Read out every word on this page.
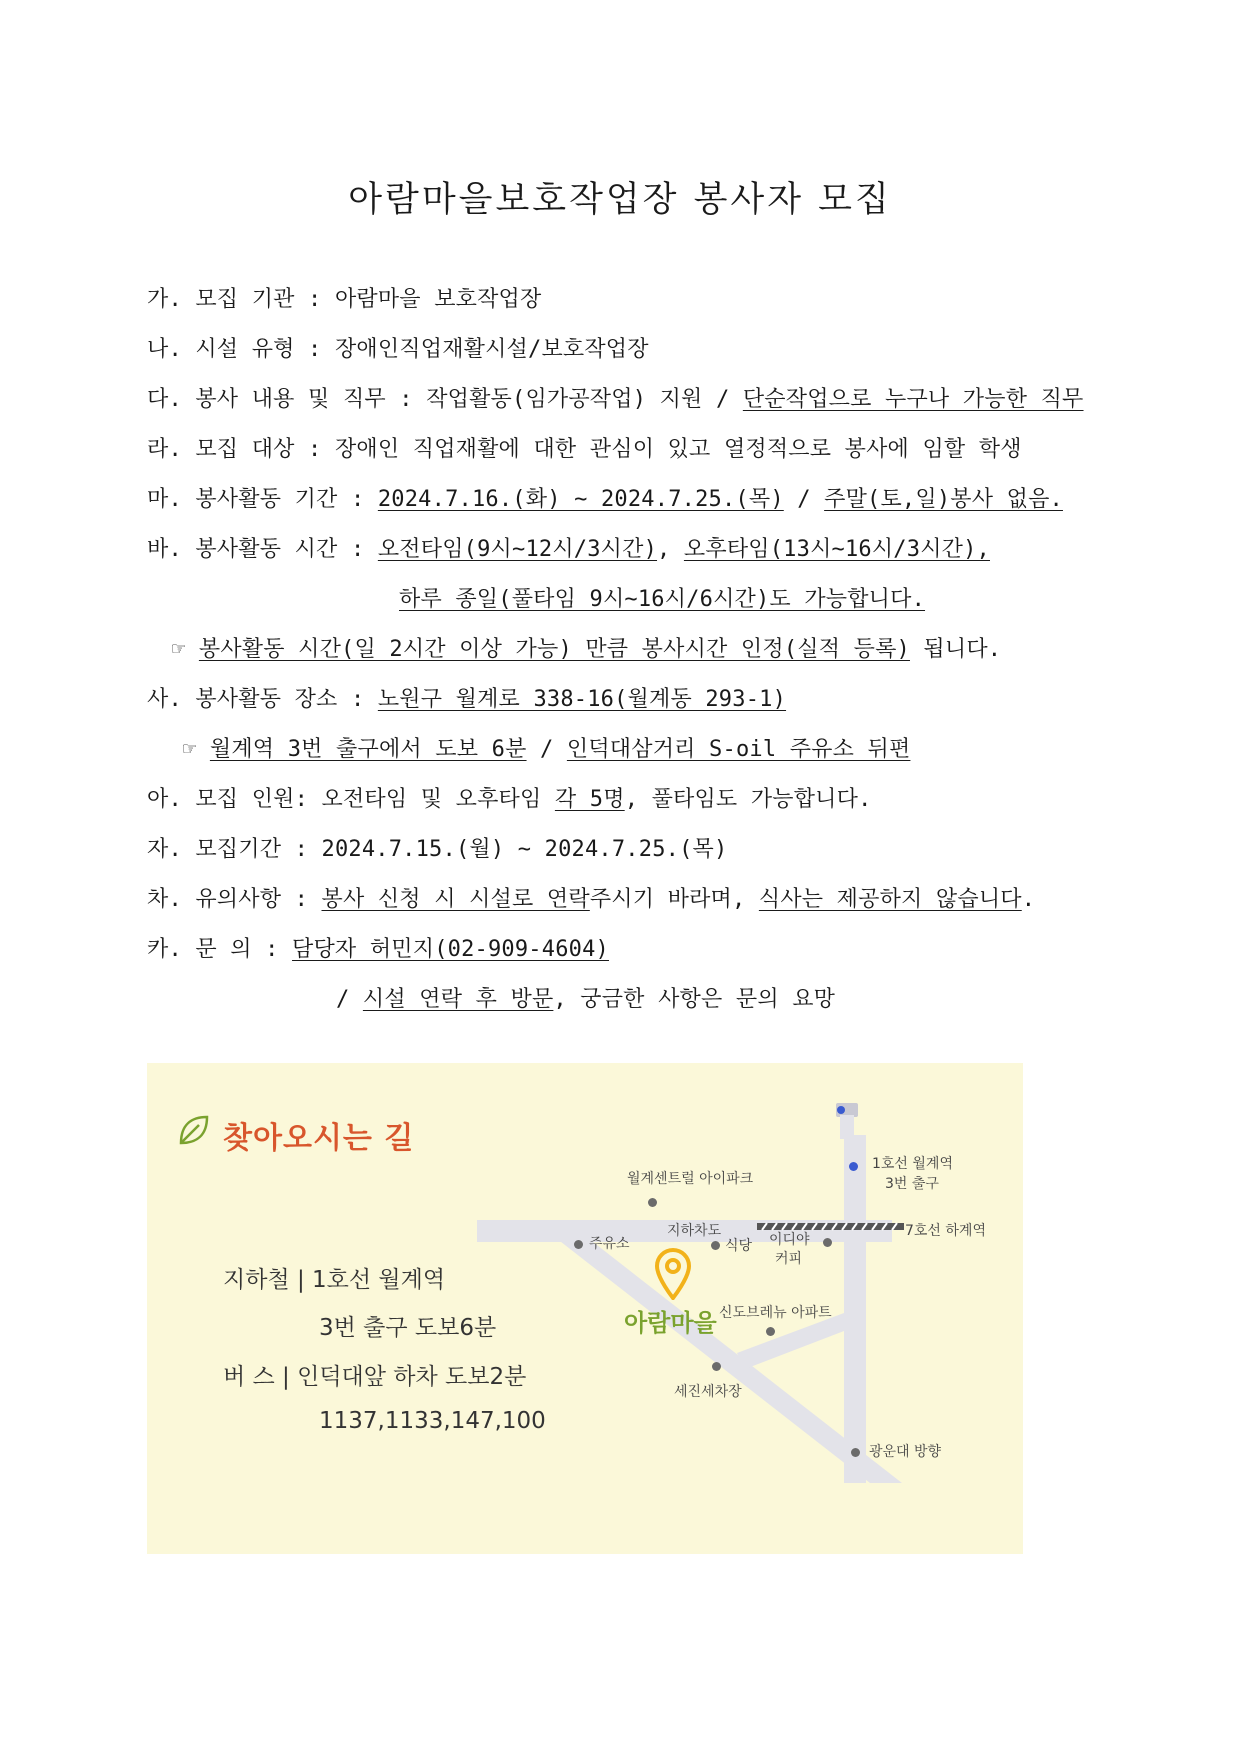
아람마을보호작업장 봉사자 모집
가. 모집 기관 : 아람마을 보호작업장
나. 시설 유형 : 장애인직업재활시설/보호작업장
다. 봉사 내용 및 직무 : 작업활동(임가공작업) 지원 / 단순작업으로 누구나 가능한 직무
라. 모집 대상 : 장애인 직업재활에 대한 관심이 있고 열정적으로 봉사에 임할 학생
마. 봉사활동 기간 : 2024.7.16.(화) ~ 2024.7.25.(목) / 주말(토,일)봉사 없음.
바. 봉사활동 시간 : 오전타임(9시~12시/3시간), 오후타임(13시~16시/3시간),
하루 종일(풀타임 9시~16시/6시간)도 가능합니다.
☞ 봉사활동 시간(일 2시간 이상 가능) 만큼 봉사시간 인정(실적 등록) 됩니다.
사. 봉사활동 장소 : 노원구 월계로 338-16(월계동 293-1)
☞ 월계역 3번 출구에서 도보 6분 / 인덕대삼거리 S-oil 주유소 뒤편
아. 모집 인원: 오전타임 및 오후타임 각 5명, 풀타임도 가능합니다.
자. 모집기간 : 2024.7.15.(월) ~ 2024.7.25.(목)
차. 유의사항 : 봉사 신청 시 시설로 연락주시기 바라며, 식사는 제공하지 않습니다.
카. 문 의 : 담당자 허민지(02-909-4604)
/ 시설 연락 후 방문, 궁금한 사항은 문의 요망
찾아오시는 길
지하철 | 1호선 월계역
3번 출구 도보6분
버 스 | 인덕대앞 하차 도보2분
1137,1133,147,100
월계센트럴 아이파크
1호선 월계역
3번 출구
지하차도	7호선 하계역
주유소	식당 이디야
커피
아람마을 신도브레뉴 아파트
세진세차장
광운대 방향
